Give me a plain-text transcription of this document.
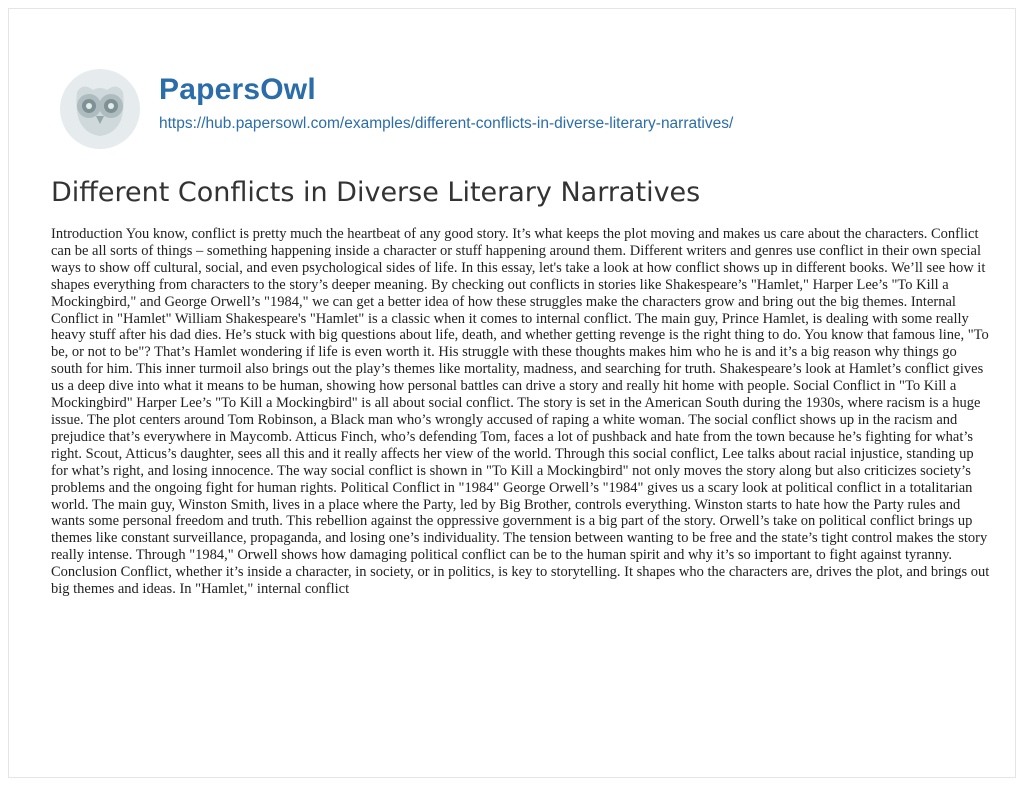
PapersOwl
https://hub.papersowl.com/examples/different-conflicts-in-diverse-literary-narratives/
Different Conflicts in Diverse Literary Narratives

Introduction You know, conflict is pretty much the heartbeat of any good story. It’s what keeps the plot moving and makes us care about the characters. Conflict can be all sorts of things – something happening inside a character or stuff happening around them. Different writers and genres use conflict in their own special ways to show off cultural, social, and even psychological sides of life. In this essay, let's take a look at how conflict shows up in different books. We’ll see how it shapes everything from characters to the story’s deeper meaning. By checking out conflicts in stories like Shakespeare’s "Hamlet," Harper Lee’s "To Kill a Mockingbird," and George Orwell’s "1984," we can get a better idea of how these struggles make the characters grow and bring out the big themes. Internal Conflict in "Hamlet" William Shakespeare's "Hamlet" is a classic when it comes to internal conflict. The main guy, Prince Hamlet, is dealing with some really heavy stuff after his dad dies. He’s stuck with big questions about life, death, and whether getting revenge is the right thing to do. You know that famous line, "To be, or not to be"? That’s Hamlet wondering if life is even worth it. His struggle with these thoughts makes him who he is and it’s a big reason why things go south for him. This inner turmoil also brings out the play’s themes like mortality, madness, and searching for truth. Shakespeare’s look at Hamlet’s conflict gives us a deep dive into what it means to be human, showing how personal battles can drive a story and really hit home with people. Social Conflict in "To Kill a Mockingbird" Harper Lee’s "To Kill a Mockingbird" is all about social conflict. The story is set in the American South during the 1930s, where racism is a huge issue. The plot centers around Tom Robinson, a Black man who’s wrongly accused of raping a white woman. The social conflict shows up in the racism and prejudice that’s everywhere in Maycomb. Atticus Finch, who’s defending Tom, faces a lot of pushback and hate from the town because he’s fighting for what’s right. Scout, Atticus’s daughter, sees all this and it really affects her view of the world. Through this social conflict, Lee talks about racial injustice, standing up for what’s right, and losing innocence. The way social conflict is shown in "To Kill a Mockingbird" not only moves the story along but also criticizes society’s problems and the ongoing fight for human rights. Political Conflict in "1984" George Orwell’s "1984" gives us a scary look at political conflict in a totalitarian world. The main guy, Winston Smith, lives in a place where the Party, led by Big Brother, controls everything. Winston starts to hate how the Party rules and wants some personal freedom and truth. This rebellion against the oppressive government is a big part of the story. Orwell’s take on political conflict brings up themes like constant surveillance, propaganda, and losing one’s individuality. The tension between wanting to be free and the state’s tight control makes the story really intense. Through "1984," Orwell shows how damaging political conflict can be to the human spirit and why it’s so important to fight against tyranny. Conclusion Conflict, whether it’s inside a character, in society, or in politics, is key to storytelling. It shapes who the characters are, drives the plot, and brings out big themes and ideas. In "Hamlet," internal conflict
